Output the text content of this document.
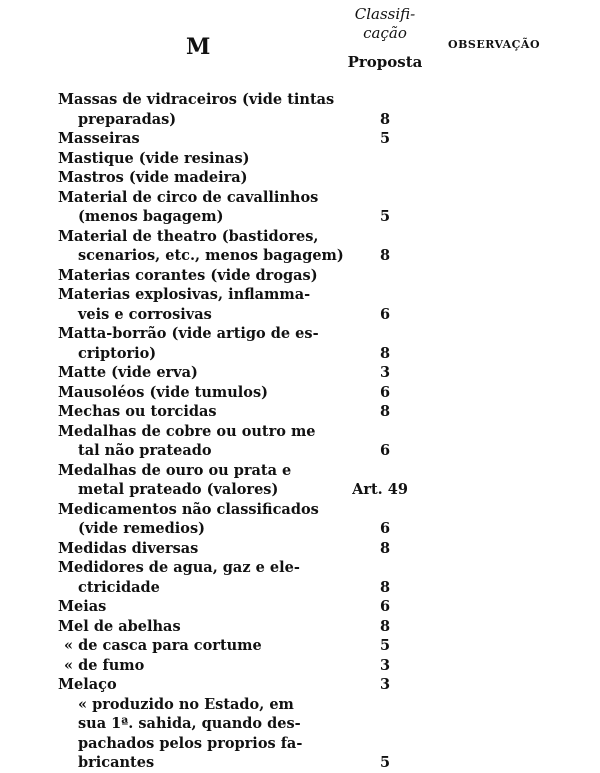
M
Classifi-
cação
Proposta
OBSERVAÇÃO
Massas de vidraceiros (vide tintas
preparadas)	8
Masseiras	5
Mastique (vide resinas)
Mastros (vide madeira)
Material de circo de cavallinhos
(menos bagagem)	5
Material de theatro (bastidores,
scenarios, etc., menos bagagem)	8
Materias corantes (vide drogas)
Materias explosivas, inflamma-
veis e corrosivas	6
Matta-borrão (vide artigo de es-
criptorio)	8
Matte (vide erva)	3
Mausoléos (vide tumulos)	6
Mechas ou torcidas	8
Medalhas de cobre ou outro me
tal não prateado	6
Medalhas de ouro ou prata e
metal prateado (valores)	Art. 49
Medicamentos não classificados
(vide remedios)	6
Medidas diversas	8
Medidores de agua, gaz e ele-
ctricidade	8
Meias	6
Mel de abelhas	8
« de casca para cortume	5
« de fumo	3
Melaço	3
« produzido no Estado, em
sua 1ª. sahida, quando des-
pachados pelos proprios fa-
bricantes	5
